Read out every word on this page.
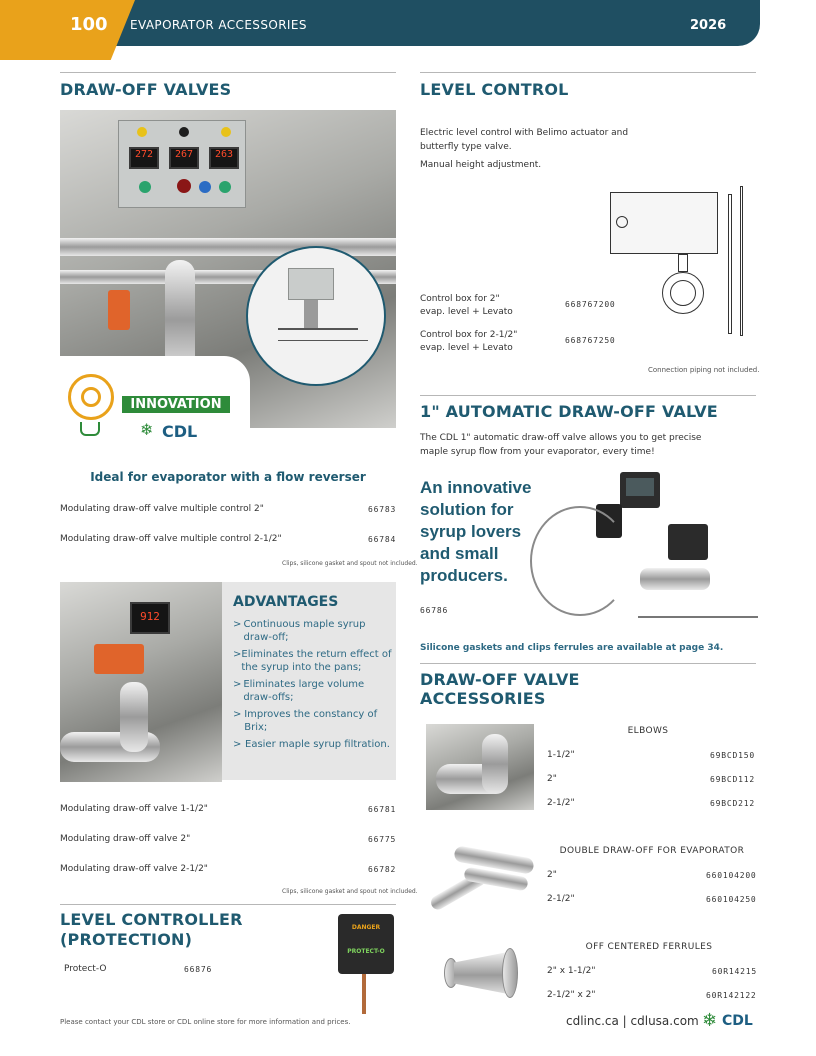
100 EVAPORATOR ACCESSORIES	2026
DRAW-OFF VALVES
272	267	263
INNOVATION
❄ CDL
Ideal for evaporator with a flow reverser
Modulating draw-off valve multiple control 2"	66783
Modulating draw-off valve multiple control 2-1/2"	66784
Clips, silicone gasket and spout not included.
912
ADVANTAGES
> Continuous maple syrup draw-off;
> Eliminates the return effect of the syrup into the pans;
> Eliminates large volume draw-offs;
> Improves the constancy of Brix;
> Easier maple syrup filtration.
Modulating draw-off valve 1-1/2"	66781
Modulating draw-off valve 2"	66775
Modulating draw-off valve 2-1/2"	66782
Clips, silicone gasket and spout not included.
LEVEL CONTROLLER
(PROTECTION)
Protect-O	66876
DANGER
PROTECT-O
LEVEL CONTROL
Electric level control with Belimo actuator and butterfly type valve.
Manual height adjustment.
Control box for 2"
evap. level + Levato
668767200
Control box for 2-1/2"
evap. level + Levato
668767250
Connection piping not included.
1" AUTOMATIC DRAW-OFF VALVE
The CDL 1" automatic draw-off valve allows you to get precise maple syrup flow from your evaporator, every time!
An innovative
solution for
syrup lovers
and small
producers.
66786
Silicone gaskets and clips ferrules are available at page 34.
DRAW-OFF VALVE
ACCESSORIES
ELBOWS
1-1/2"	69BCD150
2"	69BCD112
2-1/2"	69BCD212
DOUBLE DRAW-OFF FOR EVAPORATOR
2"	660104200
2-1/2"	660104250
OFF CENTERED FERRULES
2" x 1-1/2"	60R14215
2-1/2" x 2"	60R142122
Please contact your CDL store or CDL online store for more information and prices.	cdlinc.ca | cdlusa.com ❄ CDL
